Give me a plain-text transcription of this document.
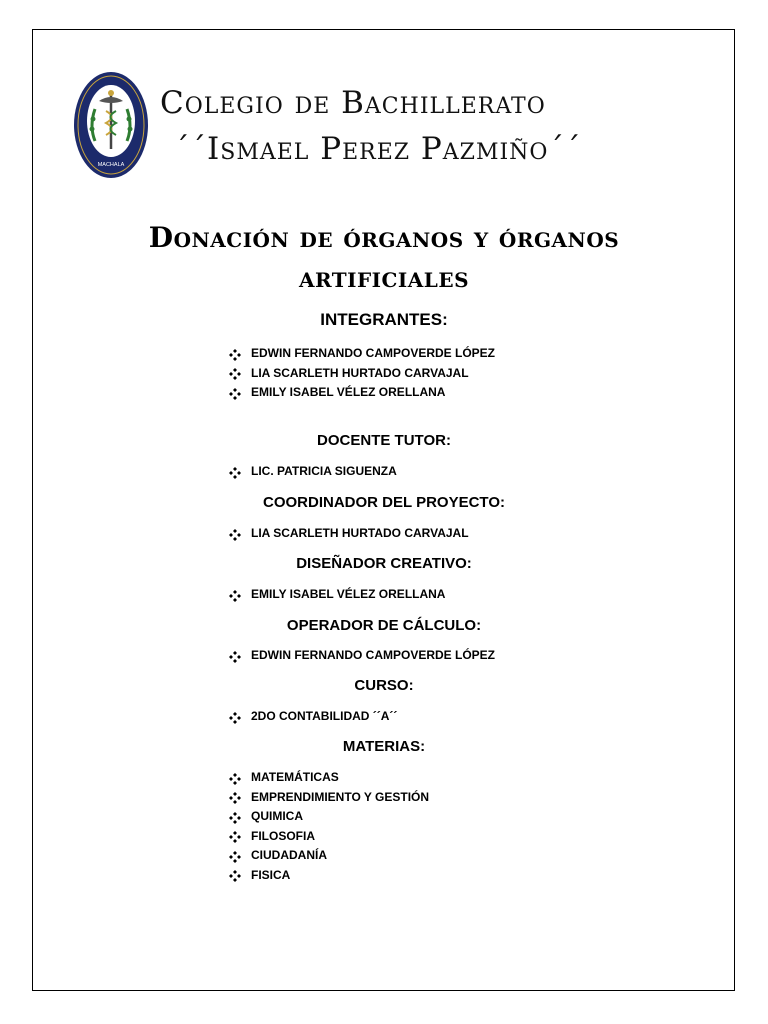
MACHALA
Colegio de Bachillerato
´´Ismael Perez Pazmiño´´
Donación de órganos y órganos
artificiales
INTEGRANTES:
EDWIN FERNANDO CAMPOVERDE LÓPEZ
LIA SCARLETH HURTADO CARVAJAL
EMILY ISABEL VÉLEZ ORELLANA
DOCENTE TUTOR:
LIC. PATRICIA SIGUENZA
COORDINADOR DEL PROYECTO:
LIA SCARLETH HURTADO CARVAJAL
DISEÑADOR CREATIVO:
EMILY ISABEL VÉLEZ ORELLANA
OPERADOR DE CÁLCULO:
EDWIN FERNANDO CAMPOVERDE LÓPEZ
CURSO:
2DO CONTABILIDAD ´´A´´
MATERIAS:
MATEMÁTICAS
EMPRENDIMIENTO Y GESTIÓN
QUIMICA
FILOSOFIA
CIUDADANÍA
FISICA
